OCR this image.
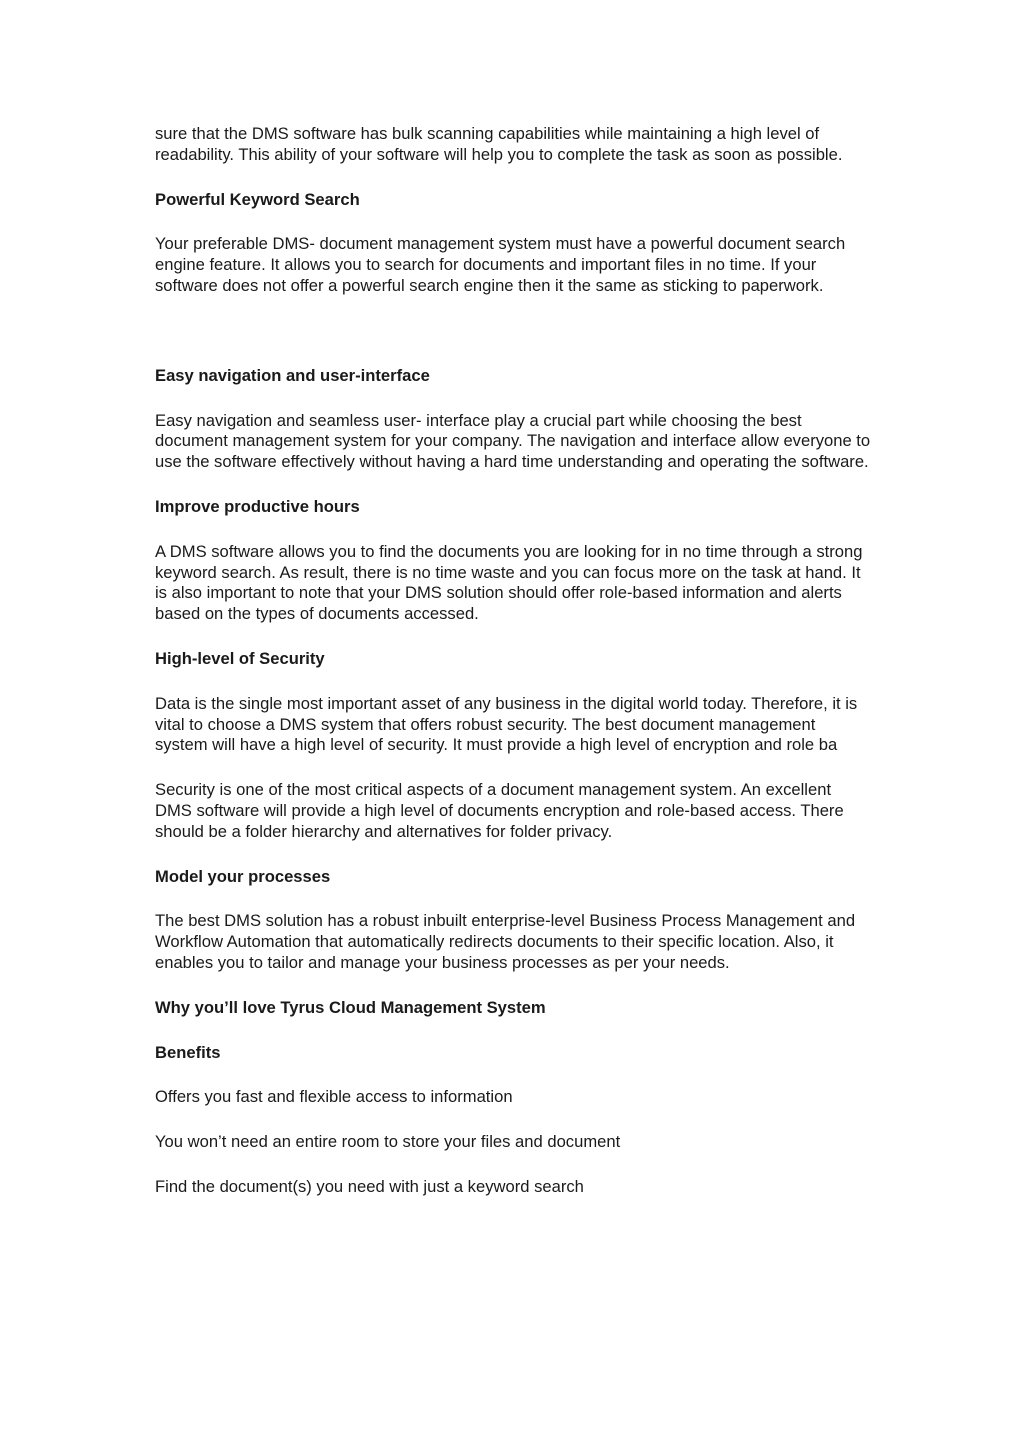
sure that the DMS software has bulk scanning capabilities while maintaining a high level of readability. This ability of your software will help you to complete the task as soon as possible.

Powerful Keyword Search

Your preferable DMS- document management system must have a powerful document search engine feature. It allows you to search for documents and important files in no time. If your software does not offer a powerful search engine then it the same as sticking to paperwork.

Easy navigation and user-interface

Easy navigation and seamless user- interface play a crucial part while choosing the best document management system for your company. The navigation and interface allow everyone to use the software effectively without having a hard time understanding and operating the software.

Improve productive hours

A DMS software allows you to find the documents you are looking for in no time through a strong keyword search. As result, there is no time waste and you can focus more on the task at hand. It is also important to note that your DMS solution should offer role-based information and alerts based on the types of documents accessed.

High-level of Security

Data is the single most important asset of any business in the digital world today. Therefore, it is vital to choose a DMS system that offers robust security. The best document management system will have a high level of security. It must provide a high level of encryption and role ba

Security is one of the most critical aspects of a document management system. An excellent DMS software will provide a high level of documents encryption and role-based access. There should be a folder hierarchy and alternatives for folder privacy.

Model your processes

The best DMS solution has a robust inbuilt enterprise-level Business Process Management and Workflow Automation that automatically redirects documents to their specific location. Also, it enables you to tailor and manage your business processes as per your needs.

Why you’ll love Tyrus Cloud Management System
Benefits

Offers you fast and flexible access to information

You won’t need an entire room to store your files and document

Find the document(s) you need with just a keyword search
